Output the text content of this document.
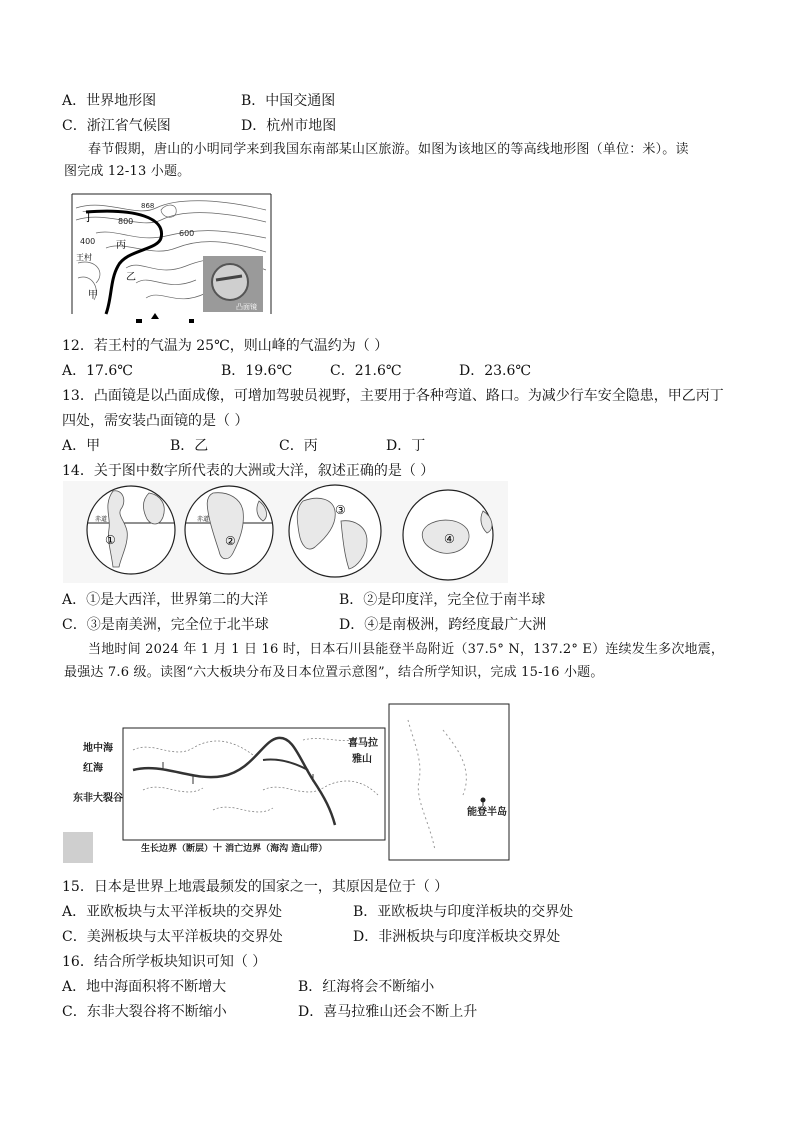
A．世界地形图	B．中国交通图
C．浙江省气候图	D．杭州市地图
春节假期，唐山的小明同学来到我国东南部某山区旅游。如图为该地区的等高线地形图（单位：米）。读
图完成 12-13 小题。
丁	800
868
600
400 丙
王村
乙
甲
凸面镜
12．若王村的气温为 25℃，则山峰的气温约为（ ）
A．17.6℃	B．19.6℃	C．21.6℃	D．23.6℃
13．凸面镜是以凸面成像，可增加驾驶员视野，主要用于各种弯道、路口。为减少行车安全隐患，甲乙丙丁
四处，需安装凸面镜的是（ ）
A．甲	B．乙	C．丙	D．丁
14．关于图中数字所代表的大洲或大洋，叙述正确的是（ ）
赤道	赤道
①	②
③
④
A．①是大西洋，世界第二的大洋	B．②是印度洋，完全位于南半球
C．③是南美洲，完全位于北半球	D．④是南极洲，跨经度最广大洲
当地时间 2024 年 1 月 1 日 16 时，日本石川县能登半岛附近（37.5° N，137.2° E）连续发生多次地震，
最强达 7.6 级。读图“六大板块分布及日本位置示意图”，结合所学知识，完成 15-16 小题。
地中海
红海
东非大裂谷
喜马拉
雅山
生长边界（断层）十 消亡边界（海沟 造山带）
能登半岛
15．日本是世界上地震最频发的国家之一，其原因是位于（ ）
A．亚欧板块与太平洋板块的交界处	B．亚欧板块与印度洋板块的交界处
C．美洲板块与太平洋板块的交界处	D．非洲板块与印度洋板块交界处
16．结合所学板块知识可知（ ）
A．地中海面积将不断增大	B．红海将会不断缩小
C．东非大裂谷将不断缩小	D．喜马拉雅山还会不断上升
